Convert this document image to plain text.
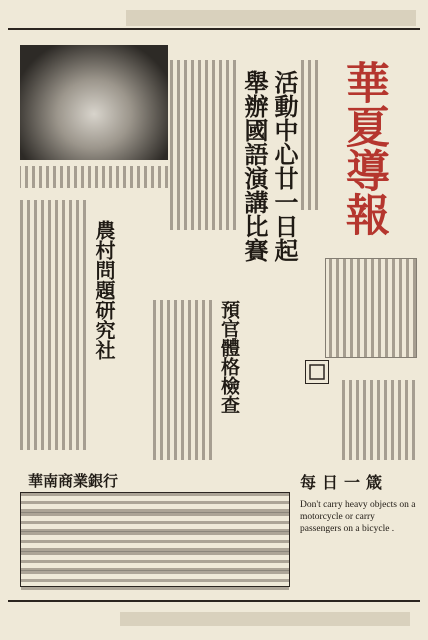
活動中心廿一日起
舉辦國語演講比賽 華夏導報
預官體格檢查
農村問題研究社
每日一箴
Don't carry heavy objects on a motorcycle or carry passengers on a bicycle .
華南商業銀行
